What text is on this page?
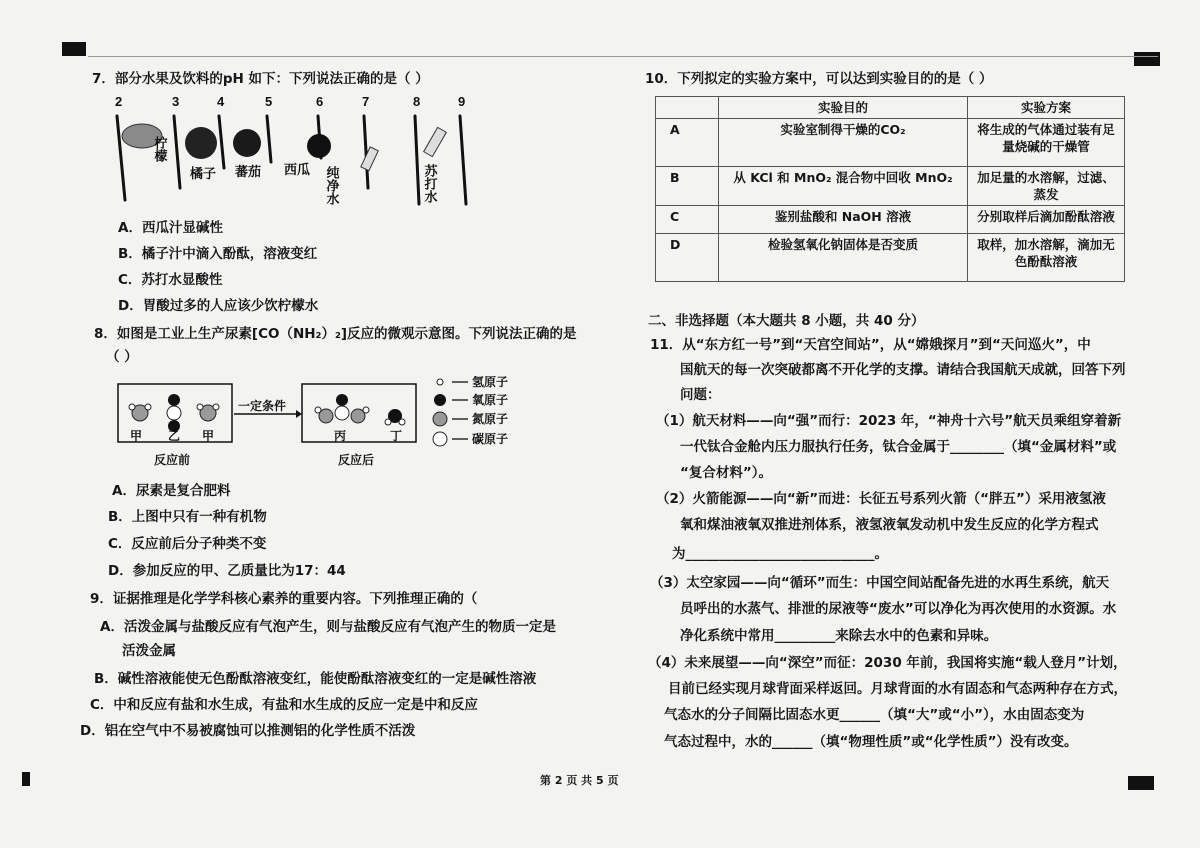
7．部分水果及饮料的pH 如下：下列说法正确的是（ ）
2	3	4	5	6	7	8	9
柠檬
橘子 蕃茄 西瓜 纯净水	苏打水
A．西瓜汁显碱性
B．橘子汁中滴入酚酞，溶液变红
C．苏打水显酸性
D．胃酸过多的人应该少饮柠檬水
8．如图是工业上生产尿素[CO（NH₂）₂]反应的微观示意图。下列说法正确的是
（ ）
一定条件
甲 乙 甲	丙	丁
反应前	反应后
氢原子
氧原子
氮原子
碳原子
A．尿素是复合肥料
B．上图中只有一种有机物
C．反应前后分子种类不变
D．参加反应的甲、乙质量比为17：44
9．证据推理是化学学科核心素养的重要内容。下列推理正确的（
A．活泼金属与盐酸反应有气泡产生，则与盐酸反应有气泡产生的物质一定是
活泼金属
B．碱性溶液能使无色酚酞溶液变红，能使酚酞溶液变红的一定是碱性溶液
C．中和反应有盐和水生成，有盐和水生成的反应一定是中和反应
D．铝在空气中不易被腐蚀可以推测铝的化学性质不活泼
10．下列拟定的实验方案中，可以达到实验目的的是（ ）
	实验目的	实验方案
A	实验室制得干燥的CO₂	将生成的气体通过装有足量烧碱的干燥管
B	从 KCl 和 MnO₂ 混合物中回收 MnO₂	加足量的水溶解，过滤、蒸发
C	鉴别盐酸和 NaOH 溶液	分别取样后滴加酚酞溶液
D	检验氢氧化钠固体是否变质	取样，加水溶解，滴加无色酚酞溶液
二、非选择题（本大题共 8 小题，共 40 分）
11．从“东方红一号”到“天宫空间站”，从“嫦娥探月”到“天问巡火”，中
国航天的每一次突破都离不开化学的支撑。请结合我国航天成就，回答下列
问题：
（1）航天材料——向“强”而行：2023 年，“神舟十六号”航天员乘组穿着新
一代钛合金舱内压力服执行任务，钛合金属于________（填“金属材料”或
“复合材料”）。
（2）火箭能源——向“新”而进：长征五号系列火箭（“胖五”）采用液氢液
氧和煤油液氧双推进剂体系，液氢液氧发动机中发生反应的化学方程式
为____________________________。
（3）太空家园——向“循环”而生：中国空间站配备先进的水再生系统，航天
员呼出的水蒸气、排泄的尿液等“废水”可以净化为再次使用的水资源。水
净化系统中常用_________来除去水中的色素和异味。
（4）未来展望——向“深空”而征：2030 年前，我国将实施“载人登月”计划，
目前已经实现月球背面采样返回。月球背面的水有固态和气态两种存在方式，
气态水的分子间隔比固态水更______（填“大”或“小”），水由固态变为
气态过程中，水的______（填“物理性质”或“化学性质”）没有改变。
第 2 页 共 5 页
